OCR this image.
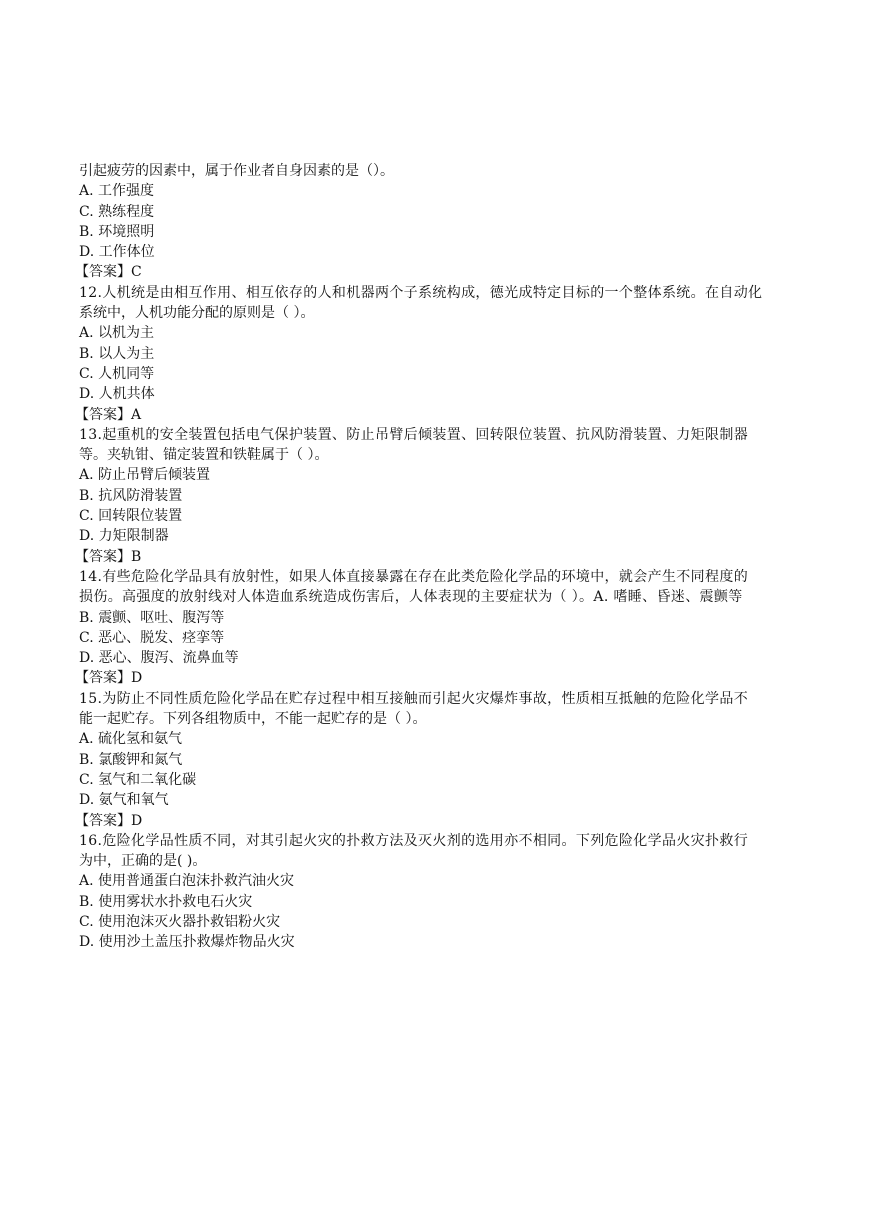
引起疲劳的因素中，属于作业者自身因素的是（）。
A. 工作强度
C. 熟练程度
B. 环境照明
D. 工作体位
【答案】C
12.人机统是由相互作用、相互依存的人和机器两个子系统构成，德光成特定目标的一个整体系统。在自动化
系统中，人机功能分配的原则是（ ）。
A. 以机为主
B. 以人为主
C. 人机同等
D. 人机共体
【答案】A
13.起重机的安全装置包括电气保护装置、防止吊臂后倾装置、回转限位装置、抗风防滑装置、力矩限制器
等。夹轨钳、锚定装置和铁鞋属于（ ）。
A. 防止吊臂后倾装置
B. 抗风防滑装置
C. 回转限位装置
D. 力矩限制器
【答案】B
14.有些危险化学品具有放射性，如果人体直接暴露在存在此类危险化学品的环境中，就会产生不同程度的
损伤。高强度的放射线对人体造血系统造成伤害后，人体表现的主要症状为（ ）。A. 嗜睡、昏迷、震颤等
B. 震颤、呕吐、腹泻等
C. 恶心、脱发、痉挛等
D. 恶心、腹泻、流鼻血等
【答案】D
15.为防止不同性质危险化学品在贮存过程中相互接触而引起火灾爆炸事故，性质相互抵触的危险化学品不
能一起贮存。下列各组物质中，不能一起贮存的是（ ）。
A. 硫化氢和氨气
B. 氯酸钾和氮气
C. 氢气和二氧化碳
D. 氨气和氧气
【答案】D
16.危险化学品性质不同，对其引起火灾的扑救方法及灭火剂的选用亦不相同。下列危险化学品火灾扑救行
为中，正确的是( )。
A. 使用普通蛋白泡沫扑救汽油火灾
B. 使用雾状水扑救电石火灾
C. 使用泡沫灭火器扑救铝粉火灾
D. 使用沙土盖压扑救爆炸物品火灾
